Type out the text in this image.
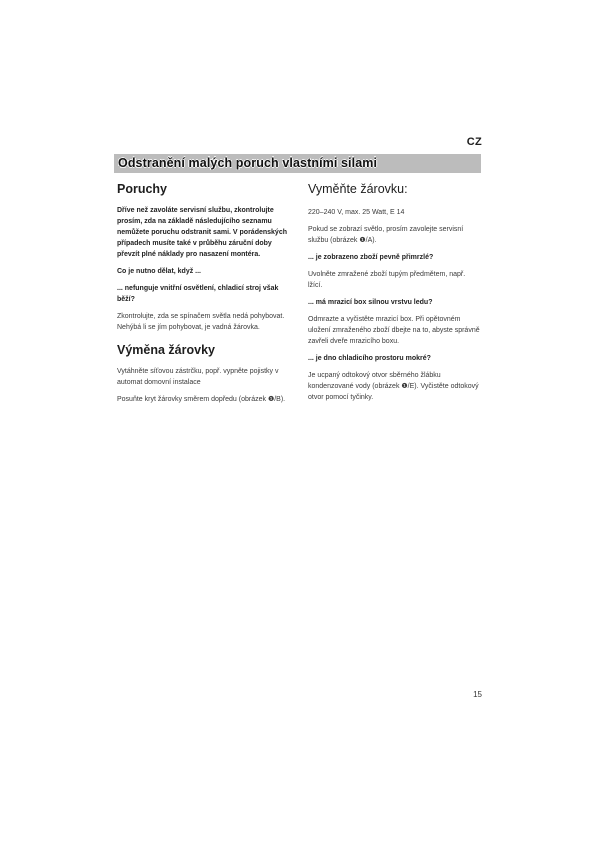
CZ
Odstranění malých poruch vlastními silami
Poruchy

Dříve než zavoláte servisní službu, zkontrolujte prosím, zda na základě následujícího seznamu nemůžete poruchu odstranit sami. V porádenských případech musíte také v průběhu záruční doby převzít plné náklady pro nasazení montéra.

Co je nutno dělat, když ...

... nefunguje vnitřní osvětlení, chladicí stroj však běží?

Zkontrolujte, zda se spínačem světla nedá pohybovat. Nehýbá li se jím pohybovat, je vadná žárovka.

Výměna žárovky

Vytáhněte síťovou zástrčku, popř. vypněte pojistky v automat domovní instalace

Posuňte kryt žárovky směrem dopředu (obrázek ❶/B).

Vyměňte žárovku:

220–240 V, max. 25 Watt, E 14

Pokud se zobrazí světlo, prosím zavolejte servisní službu (obrázek ❶/A).

... je zobrazeno zboží pevně přimrzlé?

Uvolněte zmražené zboží tupým předmětem, např. lžící.

... má mrazicí box silnou vrstvu ledu?

Odmrazte a vyčistěte mrazicí box. Při opětovném uložení zmraženého zboží dbejte na to, abyste správně zavřeli dveře mrazicího boxu.

... je dno chladicího prostoru mokré?

Je ucpaný odtokový otvor sběrného žlábku kondenzované vody (obrázek ❶/E). Vyčistěte odtokový otvor pomocí tyčinky.

15
